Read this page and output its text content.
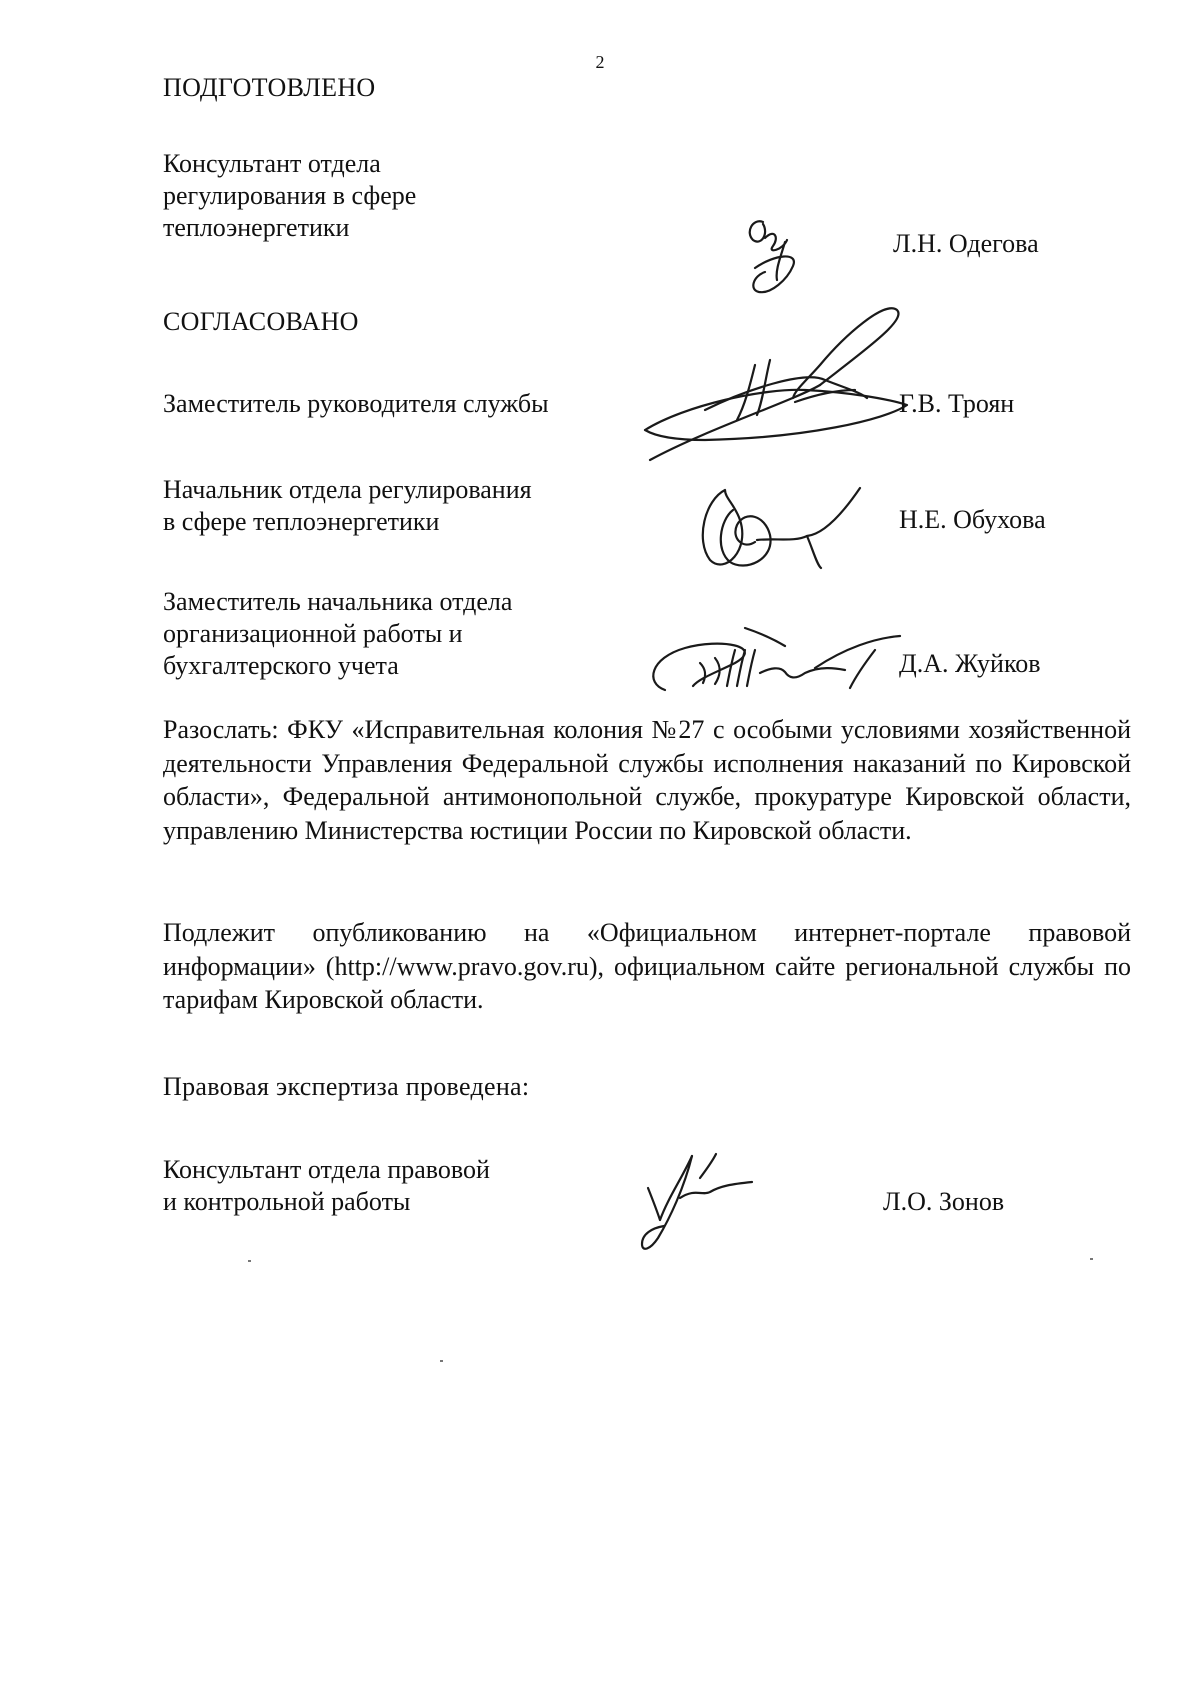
2
ПОДГОТОВЛЕНО
Консультант отдела
регулирования в сфере
теплоэнергетики
Л.Н. Одегова
СОГЛАСОВАНО
Заместитель руководителя службы	Г.В. Троян
Начальник отдела регулирования
в сфере теплоэнергетики	Н.Е. Обухова
Заместитель начальника отдела
организационной работы и
бухгалтерского учета	Д.А. Жуйков
Разослать: ФКУ «Исправительная колония №27 с особыми условиями хозяйственной деятельности Управления Федеральной службы исполнения наказаний по Кировской области», Федеральной антимонопольной службе, прокуратуре Кировской области, управлению Министерства юстиции России по Кировской области.
Подлежит опубликованию на «Официальном интернет-портале правовой информации» (http://www.pravo.gov.ru), официальном сайте региональной службы по тарифам Кировской области.
Правовая экспертиза проведена:
Консультант отдела правовой
и контрольной работы	Л.О. Зонов
